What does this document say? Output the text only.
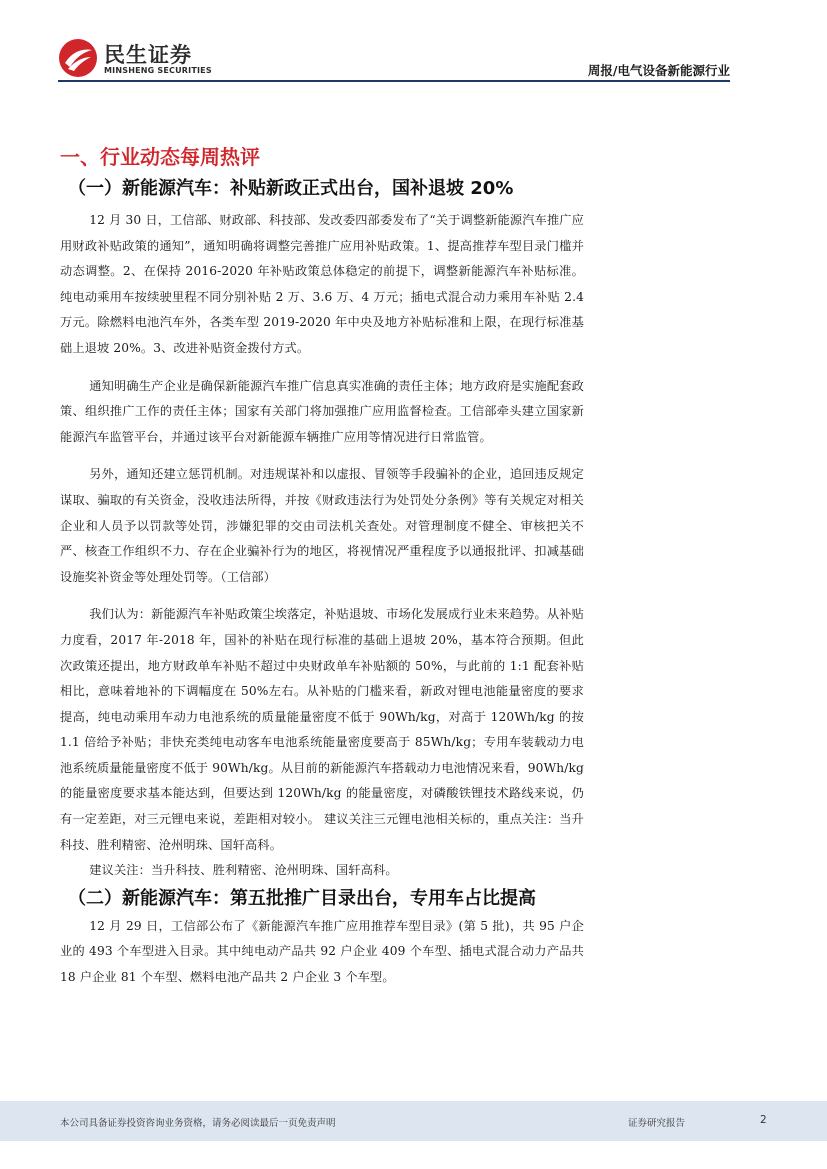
民生证券
MINSHENG SECURITIES	周报/电气设备新能源行业
一、行业动态每周热评
（一）新能源汽车：补贴新政正式出台，国补退坡 20%

12 月 30 日，工信部、财政部、科技部、发改委四部委发布了“关于调整新能源汽车推广应用财政补贴政策的通知”，通知明确将调整完善推广应用补贴政策。1、提高推荐车型目录门槛并动态调整。2、在保持 2016-2020 年补贴政策总体稳定的前提下，调整新能源汽车补贴标准。纯电动乘用车按续驶里程不同分别补贴 2 万、3.6 万、4 万元；插电式混合动力乘用车补贴 2.4 万元。除燃料电池汽车外，各类车型 2019-2020 年中央及地方补贴标准和上限，在现行标准基础上退坡 20%。3、改进补贴资金拨付方式。

通知明确生产企业是确保新能源汽车推广信息真实准确的责任主体；地方政府是实施配套政策、组织推广工作的责任主体；国家有关部门将加强推广应用监督检查。工信部牵头建立国家新能源汽车监管平台，并通过该平台对新能源车辆推广应用等情况进行日常监管。

另外，通知还建立惩罚机制。对违规谋补和以虚报、冒领等手段骗补的企业，追回违反规定谋取、骗取的有关资金，没收违法所得，并按《财政违法行为处罚处分条例》等有关规定对相关企业和人员予以罚款等处罚，涉嫌犯罪的交由司法机关查处。对管理制度不健全、审核把关不严、核查工作组织不力、存在企业骗补行为的地区，将视情况严重程度予以通报批评、扣减基础设施奖补资金等处理处罚等。（工信部）

我们认为：新能源汽车补贴政策尘埃落定，补贴退坡、市场化发展成行业未来趋势。从补贴力度看，2017 年-2018 年，国补的补贴在现行标准的基础上退坡 20%，基本符合预期。但此次政策还提出，地方财政单车补贴不超过中央财政单车补贴额的 50%，与此前的 1:1 配套补贴相比，意味着地补的下调幅度在 50%左右。从补贴的门槛来看，新政对锂电池能量密度的要求提高，纯电动乘用车动力电池系统的质量能量密度不低于 90Wh/kg，对高于 120Wh/kg 的按 1.1 倍给予补贴；非快充类纯电动客车电池系统能量密度要高于 85Wh/kg；专用车装载动力电池系统质量能量密度不低于 90Wh/kg。从目前的新能源汽车搭载动力电池情况来看，90Wh/kg 的能量密度要求基本能达到，但要达到 120Wh/kg 的能量密度，对磷酸铁锂技术路线来说，仍有一定差距，对三元锂电来说，差距相对较小。 建议关注三元锂电池相关标的，重点关注：当升科技、胜利精密、沧州明珠、国轩高科。

建议关注：当升科技、胜利精密、沧州明珠、国轩高科。

（二）新能源汽车：第五批推广目录出台，专用车占比提高

12 月 29 日，工信部公布了《新能源汽车推广应用推荐车型目录》(第 5 批)，共 95 户企业的 493 个车型进入目录。其中纯电动产品共 92 户企业 409 个车型、插电式混合动力产品共 18 户企业 81 个车型、燃料电池产品共 2 户企业 3 个车型。

本公司具备证券投资咨询业务资格，请务必阅读最后一页免责声明	证券研究报告	2
